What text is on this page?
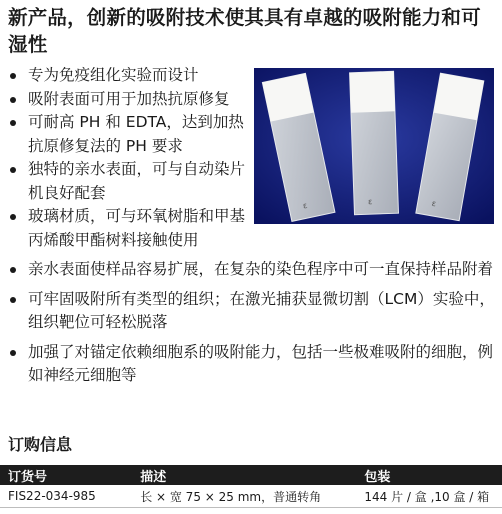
新产品，创新的吸附技术使其具有卓越的吸附能力和可湿性
专为免疫组化实验而设计
吸附表面可用于加热抗原修复
可耐高 PH 和 EDTA，达到加热抗原修复法的 PH 要求
独特的亲水表面，可与自动染片机良好配套
玻璃材质，可与环氧树脂和甲基丙烯酸甲酯树料接触使用
亲水表面使样品容易扩展，在复杂的染色程序中可一直保持样品附着
可牢固吸附所有类型的组织；在激光捕获显微切割（LCM）实验中，组织靶位可轻松脱落
加强了对锚定依赖细胞系的吸附能力，包括一些极难吸附的细胞，例如神经元细胞等
ε	ε	ε
订购信息
订货号	描述	包装
FIS22-034-985	长 × 宽 75 × 25 mm，普通转角	144 片 / 盒 ,10 盒 / 箱
